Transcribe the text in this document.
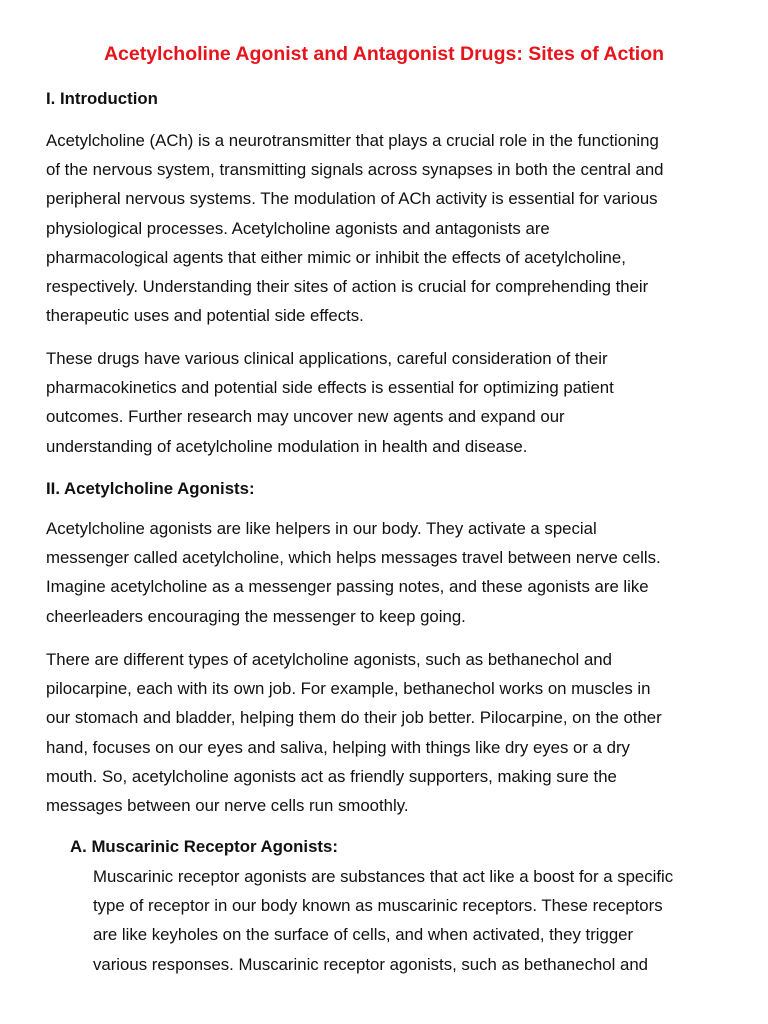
Acetylcholine Agonist and Antagonist Drugs: Sites of Action
I. Introduction

Acetylcholine (ACh) is a neurotransmitter that plays a crucial role in the functioning
of the nervous system, transmitting signals across synapses in both the central and
peripheral nervous systems. The modulation of ACh activity is essential for various
physiological processes. Acetylcholine agonists and antagonists are
pharmacological agents that either mimic or inhibit the effects of acetylcholine,
respectively. Understanding their sites of action is crucial for comprehending their
therapeutic uses and potential side effects.

These drugs have various clinical applications, careful consideration of their
pharmacokinetics and potential side effects is essential for optimizing patient
outcomes. Further research may uncover new agents and expand our
understanding of acetylcholine modulation in health and disease.

II. Acetylcholine Agonists:

Acetylcholine agonists are like helpers in our body. They activate a special
messenger called acetylcholine, which helps messages travel between nerve cells.
Imagine acetylcholine as a messenger passing notes, and these agonists are like
cheerleaders encouraging the messenger to keep going.

There are different types of acetylcholine agonists, such as bethanechol and
pilocarpine, each with its own job. For example, bethanechol works on muscles in
our stomach and bladder, helping them do their job better. Pilocarpine, on the other
hand, focuses on our eyes and saliva, helping with things like dry eyes or a dry
mouth. So, acetylcholine agonists act as friendly supporters, making sure the
messages between our nerve cells run smoothly.

A. Muscarinic Receptor Agonists:

Muscarinic receptor agonists are substances that act like a boost for a specific
type of receptor in our body known as muscarinic receptors. These receptors
are like keyholes on the surface of cells, and when activated, they trigger
various responses. Muscarinic receptor agonists, such as bethanechol and
